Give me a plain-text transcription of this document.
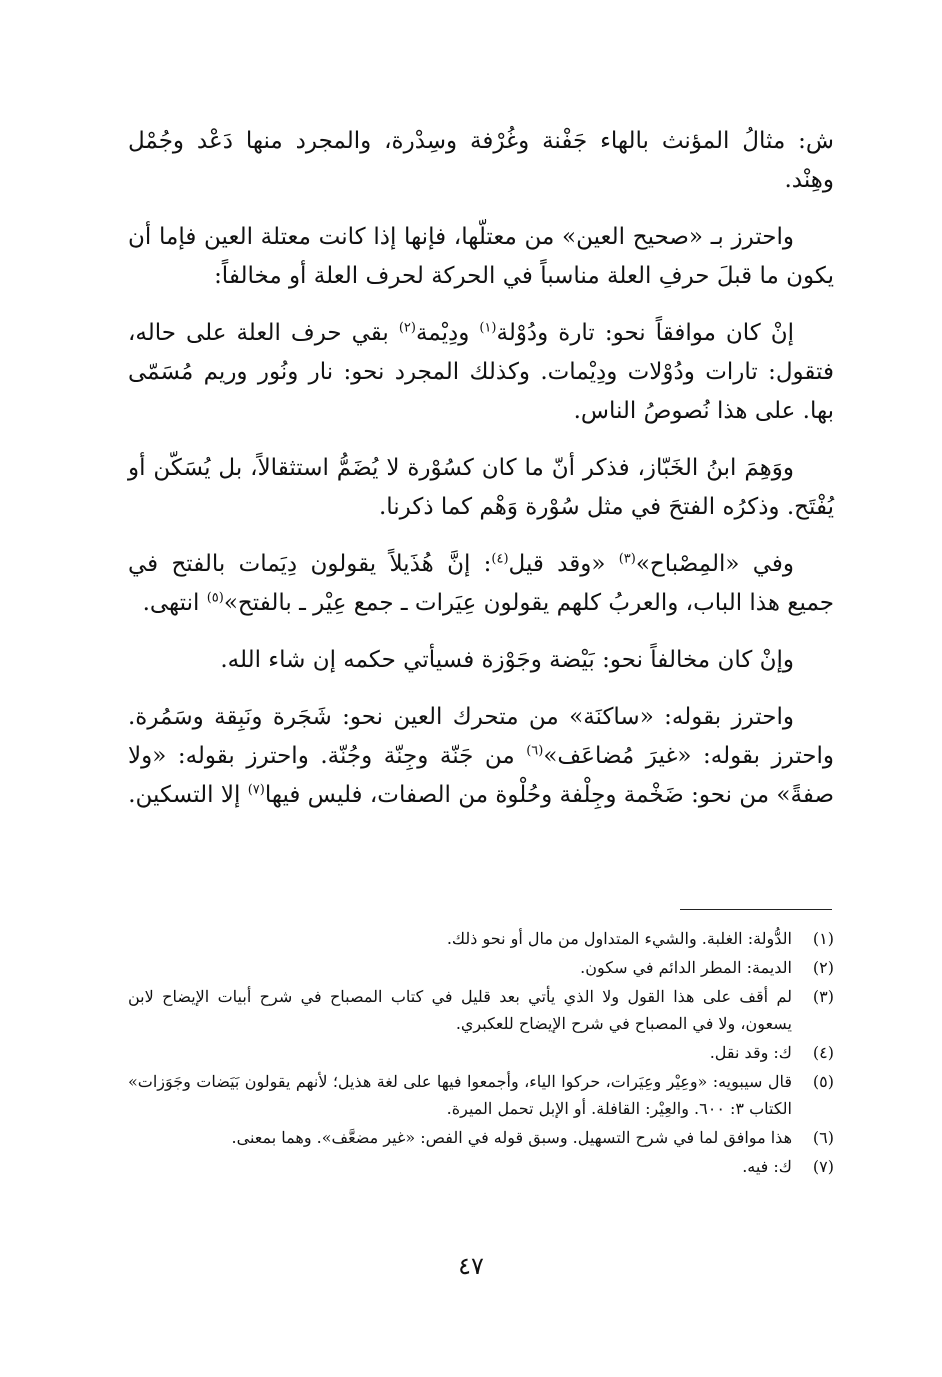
ش: مثالُ المؤنث بالهاء جَفْنة وغُرْفة وسِدْرة، والمجرد منها دَعْد وجُمْل وهِنْد.

واحترز بـ «صحيح العين» من معتلّها، فإنها إذا كانت معتلة العين فإما أن يكون ما قبلَ حرفِ العلة مناسباً في الحركة لحرف العلة أو مخالفاً:

إنْ كان موافقاً نحو: تارة ودُوْلة$^{(١)}$ ودِيْمة$^{(٢)}$ بقي حرف العلة على حاله، فتقول: تارات ودُوْلات ودِيْمات. وكذلك المجرد نحو: نار ونُور وريم مُسَمّى بها. على هذا نُصوصُ الناس.

ووَهِمَ ابنُ الخَبّاز، فذكر أنّ ما كان كسُوْرة لا يُضَمُّ استثقالاً، بل يُسَكّن أو يُفْتَح. وذكرُه الفتحَ في مثل سُوْرة وَهْم كما ذكرنا.

وفي «المِصْباح»$^{(٣)}$ «وقد قيل$^{(٤)}$: إنَّ هُذَيلاً يقولون دِيَمات بالفتح في جميع هذا الباب، والعربُ كلهم يقولون عِيَرات ـ جمع عِيْر ـ بالفتح»$^{(٥)}$ انتهى.

وإنْ كان مخالفاً نحو: بَيْضة وجَوْزة فسيأتي حكمه إن شاء الله.

واحترز بقوله: «ساكنَة» من متحرك العين نحو: شَجَرة ونَبِقة وسَمُرة. واحترز بقوله: «غيرَ مُضاعَف»$^{(٦)}$ من جَنّة وجِنّة وجُنّة. واحترز بقوله: «ولا صفةً» من نحو: ضَخْمة وجِلْفة وحُلْوة من الصفات، فليس فيها$^{(٧)}$ إلا التسكين.

(١)
الدُّولة: الغلبة. والشيء المتداول من مال أو نحو ذلك.
(٢)
الديمة: المطر الدائم في سكون.
(٣)
لم أقف على هذا القول ولا الذي يأتي بعد قليل في كتاب المصباح في شرح أبيات الإيضاح لابن يسعون، ولا في المصباح في شرح الإيضاح للعكبري.
(٤)
ك: وقد نقل.
(٥)
قال سيبويه: «وعِيْر وعِيَرات، حركوا الياء، وأجمعوا فيها على لغة هذيل؛ لأنهم يقولون بَيَضات وجَوَزات» الكتاب ٣: ٦٠٠. والعِيْر: القافلة. أو الإبل تحمل الميرة.
(٦)
هذا موافق لما في شرح التسهيل. وسبق قوله في الفص: «غير مضعَّف». وهما بمعنى.
(٧)
ك: فيه.
٤٧
